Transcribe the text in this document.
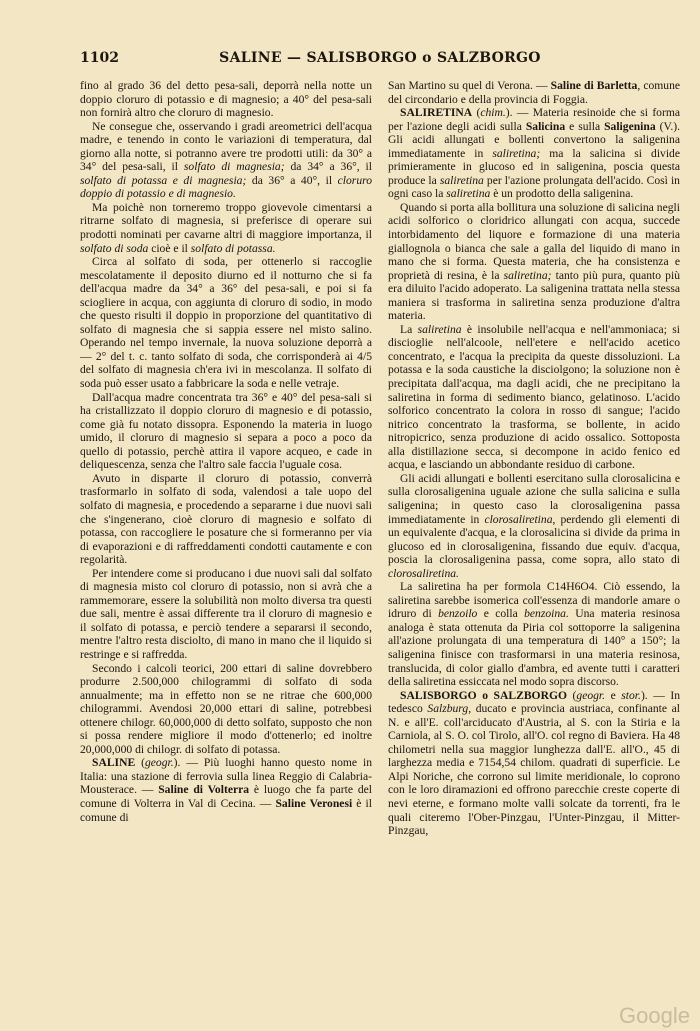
1102	SALINE — SALISBORGO o SALZBORGO

fino al grado 36 del detto pesa-sali, deporrà nella notte un doppio cloruro di potassio e di magnesio; a 40° del pesa-sali non fornirà altro che cloruro di magnesio.

Ne consegue che, osservando i gradi areometrici dell'acqua madre, e tenendo in conto le variazioni di temperatura, dal giorno alla notte, si potranno avere tre prodotti utili: da 30° a 34° del pesa-sali, il solfato di magnesia; da 34° a 36°, il solfato di potassa e di magnesia; da 36° a 40°, il cloruro doppio di potassio e di magnesio.

Ma poichè non torneremo troppo giovevole cimentarsi a ritrarne solfato di magnesia, si preferisce di operare sui prodotti nominati per cavarne altri di maggiore importanza, il solfato di soda cioè e il solfato di potassa.

Circa al solfato di soda, per ottenerlo si raccoglie mescolatamente il deposito diurno ed il notturno che si fa dell'acqua madre da 34° a 36° del pesa-sali, e poi si fa sciogliere in acqua, con aggiunta di cloruro di sodio, in modo che questo risulti il doppio in proporzione del quantitativo di solfato di magnesia che si sappia essere nel misto salino. Operando nel tempo invernale, la nuova soluzione deporrà a — 2° del t. c. tanto solfato di soda, che corrisponderà ai 4/5 del solfato di magnesia ch'era ivi in mescolanza. Il solfato di soda può esser usato a fabbricare la soda e nelle vetraje.

Dall'acqua madre concentrata tra 36° e 40° del pesa-sali si ha cristallizzato il doppio cloruro di magnesio e di potassio, come già fu notato dissopra. Esponendo la materia in luogo umido, il cloruro di magnesio si separa a poco a poco da quello di potassio, perchè attira il vapore acqueo, e cade in deliquescenza, senza che l'altro sale faccia l'uguale cosa.

Avuto in disparte il cloruro di potassio, converrà trasformarlo in solfato di soda, valendosi a tale uopo del solfato di magnesia, e procedendo a separarne i due nuovi sali che s'ingenerano, cioè cloruro di magnesio e solfato di potassa, con raccogliere le posature che si formeranno per via di evaporazioni e di raffreddamenti condotti cautamente e con regolarità.

Per intendere come si producano i due nuovi sali dal solfato di magnesia misto col cloruro di potassio, non si avrà che a rammemorare, essere la solubilità non molto diversa tra questi due sali, mentre è assai differente tra il cloruro di magnesio e il solfato di potassa, e perciò tendere a separarsi il secondo, mentre l'altro resta disciolto, di mano in mano che il liquido si restringe e si raffredda.

Secondo i calcoli teorici, 200 ettari di saline dovrebbero produrre 2.500,000 chilogrammi di solfato di soda annualmente; ma in effetto non se ne ritrae che 600,000 chilogrammi. Avendosi 20,000 ettari di saline, potrebbesi ottenere chilogr. 60,000,000 di detto solfato, supposto che non si possa rendere migliore il modo d'ottenerlo; ed inoltre 20,000,000 di chilogr. di solfato di potassa.

SALINE (geogr.). — Più luoghi hanno questo nome in Italia: una stazione di ferrovia sulla linea Reggio di Calabria-Mousterace. — Saline di Volterra è luogo che fa parte del comune di Volterra in Val di Cecina. — Saline Veronesi è il comune di

San Martino su quel di Verona. — Saline di Barletta, comune del circondario e della provincia di Foggia.

SALIRETINA (chim.). — Materia resinoide che si forma per l'azione degli acidi sulla Salicina e sulla Saligenina (V.). Gli acidi allungati e bollenti convertono la saligenina immediatamente in saliretina; ma la salicina si divide primieramente in glucoso ed in saligenina, poscia questa produce la saliretina per l'azione prolungata dell'acido. Così in ogni caso la saliretina è un prodotto della saligenina.

Quando si porta alla bollitura una soluzione di salicina negli acidi solforico o cloridrico allungati con acqua, succede intorbidamento del liquore e formazione di una materia giallognola o bianca che sale a galla del liquido di mano in mano che si forma. Questa materia, che ha consistenza e proprietà di resina, è la saliretina; tanto più pura, quanto più era diluito l'acido adoperato. La saligenina trattata nella stessa maniera si trasforma in saliretina senza produzione d'altra materia.

La saliretina è insolubile nell'acqua e nell'ammoniaca; si discioglie nell'alcoole, nell'etere e nell'acido acetico concentrato, e l'acqua la precipita da queste dissoluzioni. La potassa e la soda caustiche la disciolgono; la soluzione non è precipitata dall'acqua, ma dagli acidi, che ne precipitano la saliretina in forma di sedimento bianco, gelatinoso. L'acido solforico concentrato la colora in rosso di sangue; l'acido nitrico concentrato la trasforma, se bollente, in acido nitropicrico, senza produzione di acido ossalico. Sottoposta alla distillazione secca, si decompone in acido fenico ed acqua, e lasciando un abbondante residuo di carbone.

Gli acidi allungati e bollenti esercitano sulla clorosalicina e sulla clorosaligenina uguale azione che sulla salicina e sulla saligenina; in questo caso la clorosaligenina passa immediatamente in clorosaliretina, perdendo gli elementi di un equivalente d'acqua, e la clorosalicina si divide da prima in glucoso ed in clorosaligenina, fissando due equiv. d'acqua, poscia la clorosaligenina passa, come sopra, allo stato di clorosaliretina.

La saliretina ha per formola C14H6O4. Ciò essendo, la saliretina sarebbe isomerica coll'essenza di mandorle amare o idruro di benzoilo e colla benzoina. Una materia resinosa analoga è stata ottenuta da Piria col sottoporre la saligenina all'azione prolungata di una temperatura di 140° a 150°; la saligenina finisce con trasformarsi in una materia resinosa, translucida, di color giallo d'ambra, ed avente tutti i caratteri della saliretina essiccata nel modo sopra discorso.

SALISBORGO o SALZBORGO (geogr. e stor.). — In tedesco Salzburg, ducato e provincia austriaca, confinante al N. e all'E. coll'arciducato d'Austria, al S. con la Stiria e la Carniola, al S. O. col Tirolo, all'O. col regno di Baviera. Ha 48 chilometri nella sua maggior lunghezza dall'E. all'O., 45 di larghezza media e 7154,54 chilom. quadrati di superficie. Le Alpi Noriche, che corrono sul limite meridionale, lo coprono con le loro diramazioni ed offrono parecchie creste coperte di nevi eterne, e formano molte valli solcate da torrenti, fra le quali citeremo l'Ober-Pinzgau, l'Unter-Pinzgau, il Mitter-Pinzgau,

Google
